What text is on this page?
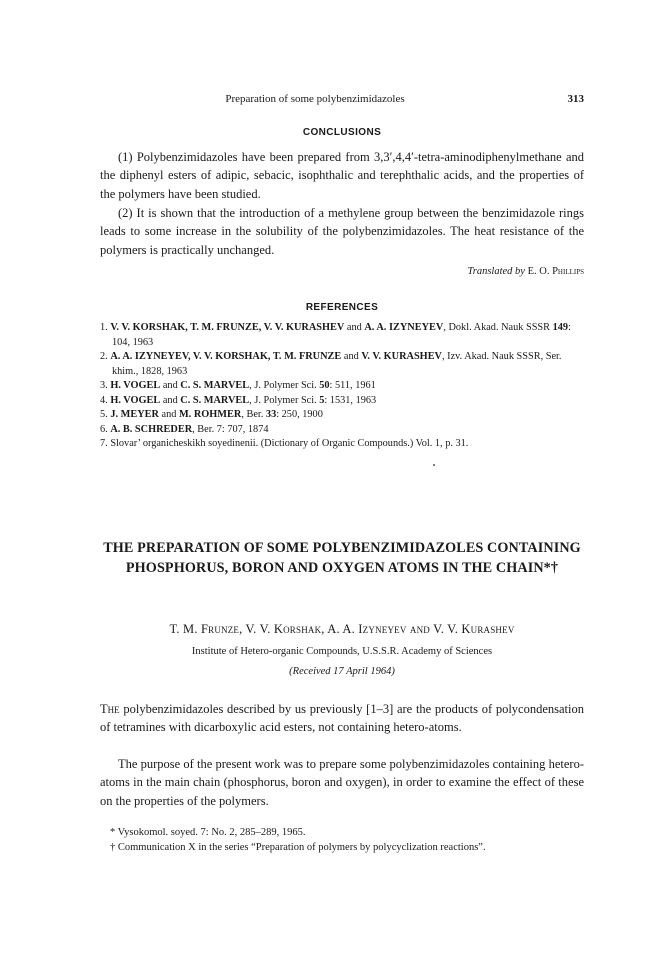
Preparation of some polybenzimidazoles	313
CONCLUSIONS

(1) Polybenzimidazoles have been prepared from 3,3′,4,4′-tetra-aminodiphenylmethane and the diphenyl esters of adipic, sebacic, isophthalic and terephthalic acids, and the properties of the polymers have been studied.

(2) It is shown that the introduction of a methylene group between the benzimidazole rings leads to some increase in the solubility of the polybenzimidazoles. The heat resistance of the polymers is practically unchanged.

Translated by E. O. Phillips
REFERENCES
1. V. V. KORSHAK, T. M. FRUNZE, V. V. KURASHEV and A. A. IZYNEYEV, Dokl. Akad. Nauk SSSR 149: 104, 1963
2. A. A. IZYNEYEV, V. V. KORSHAK, T. M. FRUNZE and V. V. KURASHEV, Izv. Akad. Nauk SSSR, Ser. khim., 1828, 1963
3. H. VOGEL and C. S. MARVEL, J. Polymer Sci. 50: 511, 1961
4. H. VOGEL and C. S. MARVEL, J. Polymer Sci. 5: 1531, 1963
5. J. MEYER and M. ROHMER, Ber. 33: 250, 1900
6. A. B. SCHREDER, Ber. 7: 707, 1874
7. Slovar’ organicheskikh soyedinenii. (Dictionary of Organic Compounds.) Vol. 1, p. 31.
THE PREPARATION OF SOME POLYBENZIMIDAZOLES CONTAINING PHOSPHORUS, BORON AND OXYGEN ATOMS IN THE CHAIN*†
T. M. Frunze, V. V. Korshak, A. A. Izyneyev and V. V. Kurashev
Institute of Hetero-organic Compounds, U.S.S.R. Academy of Sciences
(Received 17 April 1964)

The polybenzimidazoles described by us previously [1–3] are the products of polycondensation of tetramines with dicarboxylic acid esters, not containing hetero-atoms.

The purpose of the present work was to prepare some polybenzimidazoles containing hetero-atoms in the main chain (phosphorus, boron and oxygen), in order to examine the effect of these on the properties of the polymers.

* Vysokomol. soyed. 7: No. 2, 285–289, 1965.

† Communication X in the series “Preparation of polymers by polycyclization reactions”.
